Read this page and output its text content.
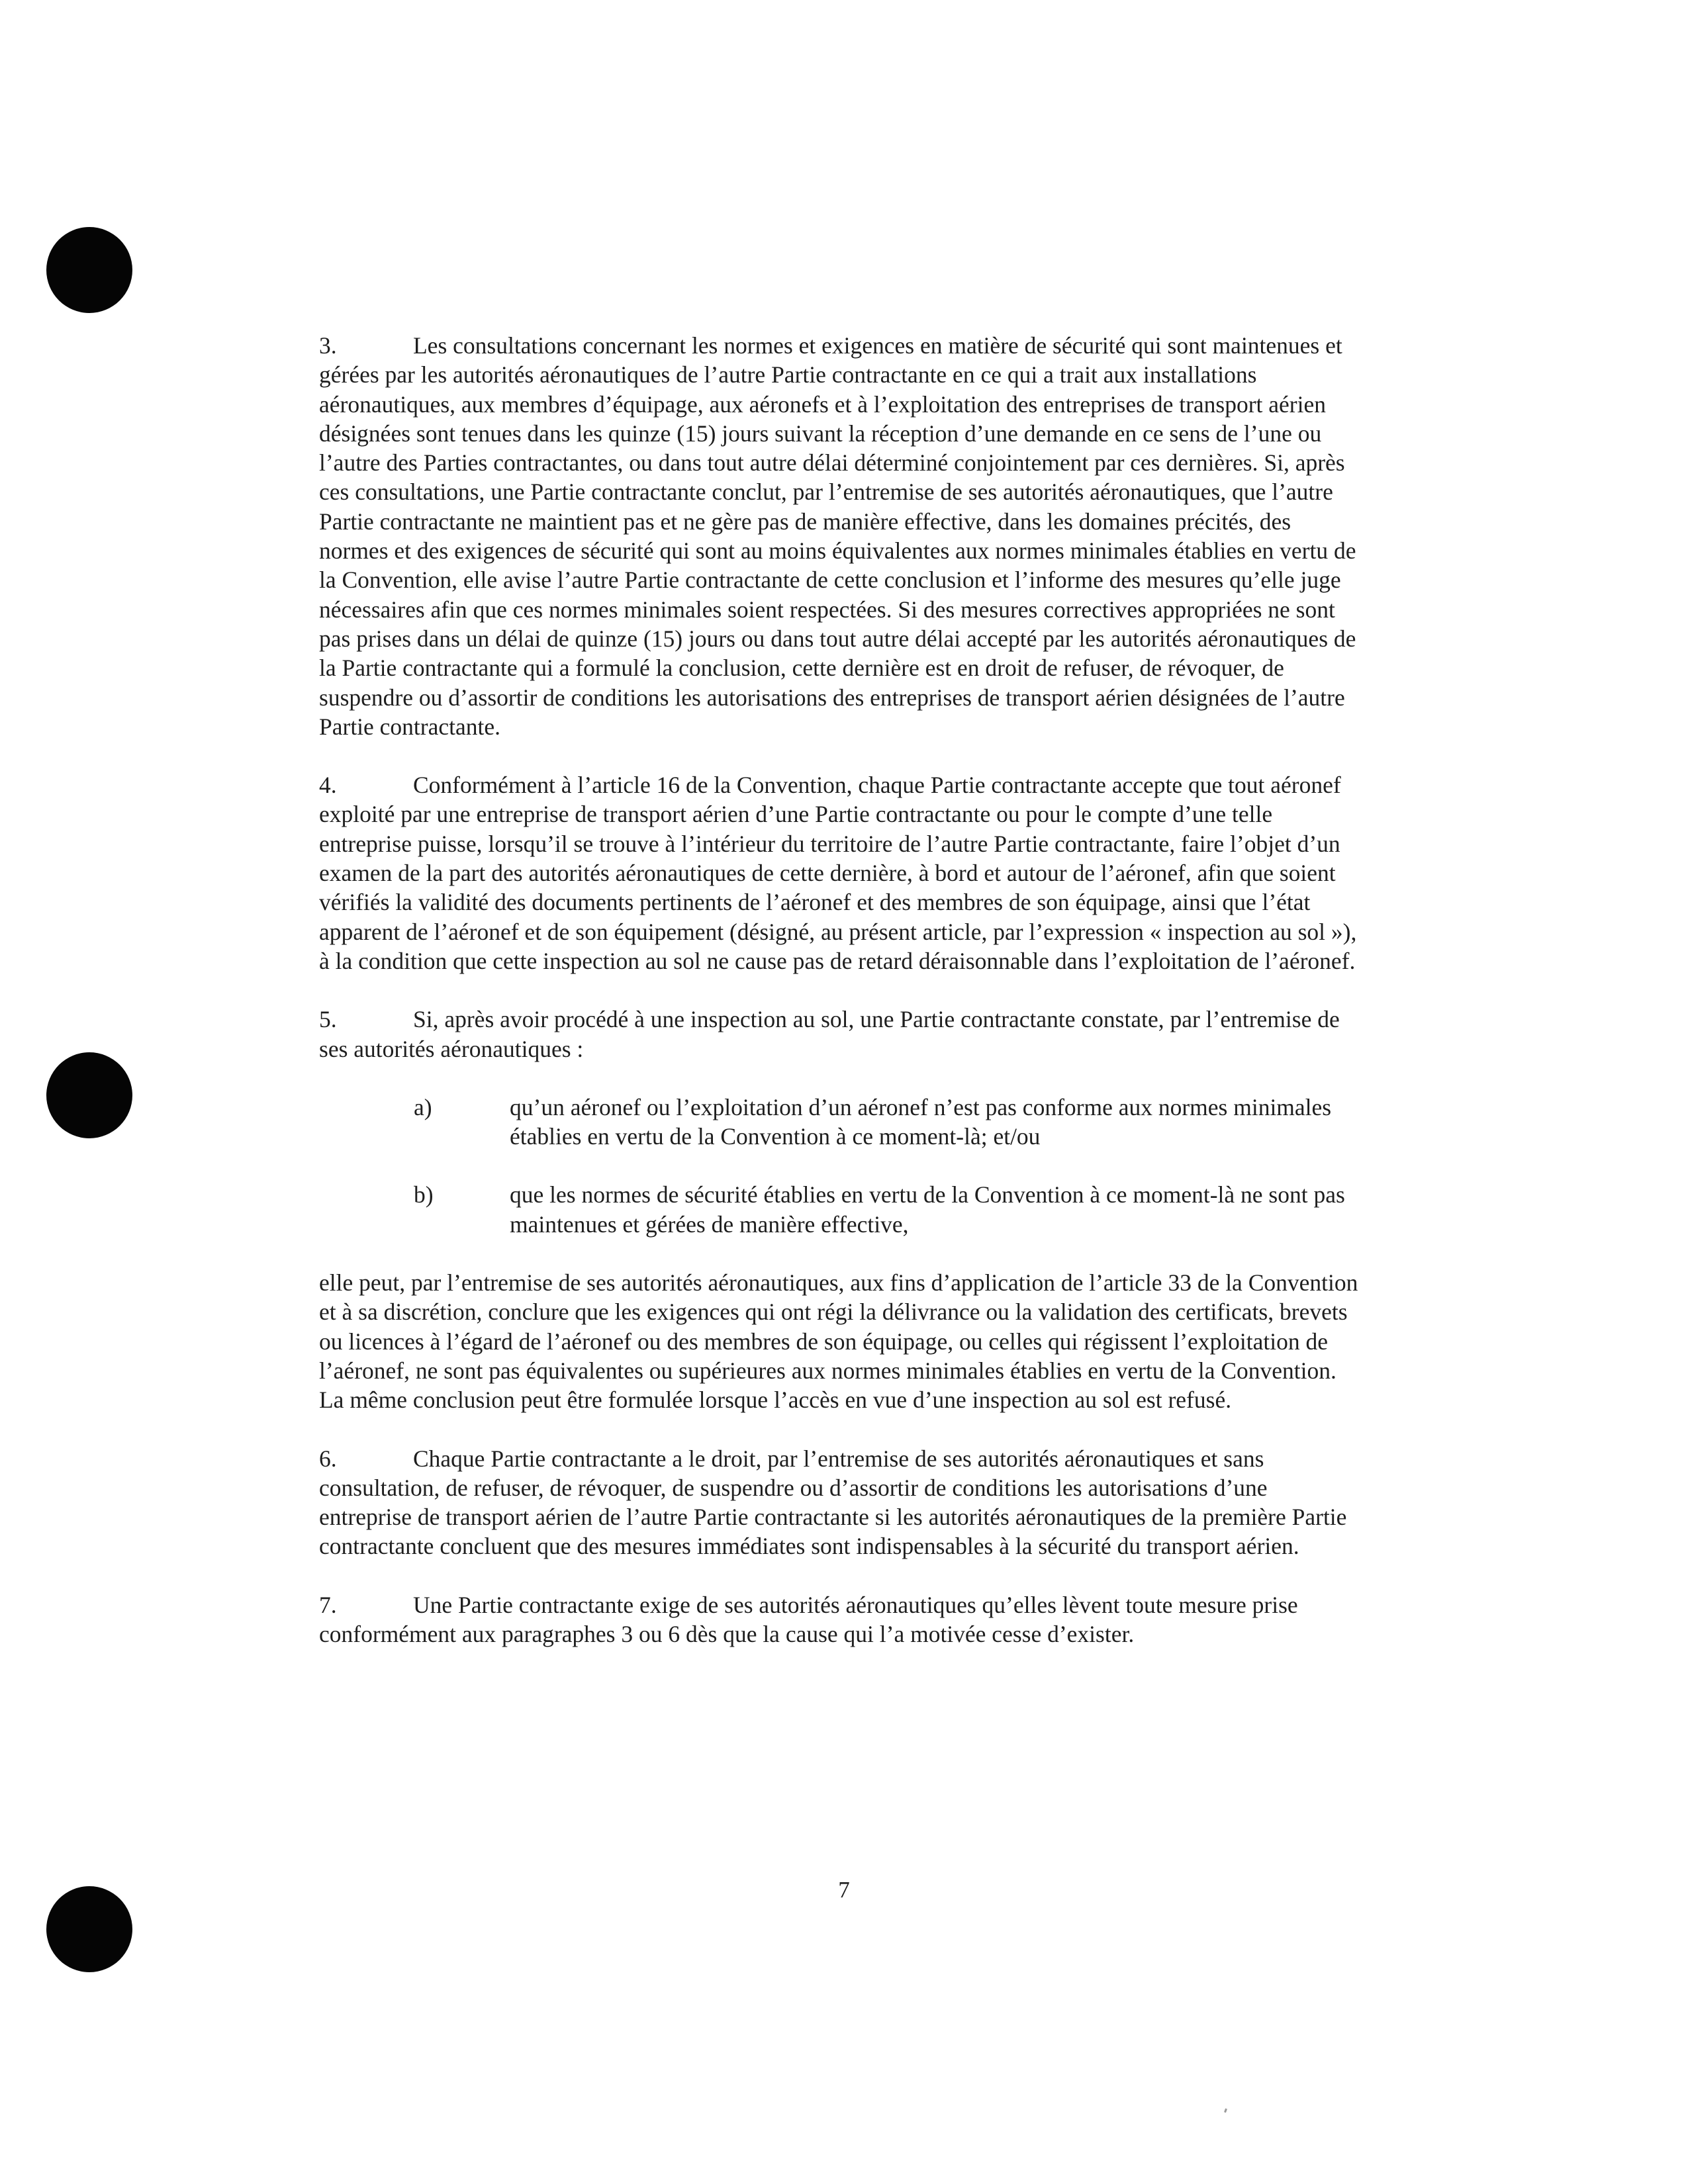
3.	Les consultations concernant les normes et exigences en matière de sécurité qui sont maintenues et gérées par les autorités aéronautiques de l’autre Partie contractante en ce qui a trait aux installations aéronautiques, aux membres d’équipage, aux aéronefs et à l’exploitation des entreprises de transport aérien désignées sont tenues dans les quinze (15) jours suivant la réception d’une demande en ce sens de l’une ou l’autre des Parties contractantes, ou dans tout autre délai déterminé conjointement par ces dernières. Si, après ces consultations, une Partie contractante conclut, par l’entremise de ses autorités aéronautiques, que l’autre Partie contractante ne maintient pas et ne gère pas de manière effective, dans les domaines précités, des normes et des exigences de sécurité qui sont au moins équivalentes aux normes minimales établies en vertu de la Convention, elle avise l’autre Partie contractante de cette conclusion et l’informe des mesures qu’elle juge nécessaires afin que ces normes minimales soient respectées. Si des mesures correctives appropriées ne sont pas prises dans un délai de quinze (15) jours ou dans tout autre délai accepté par les autorités aéronautiques de la Partie contractante qui a formulé la conclusion, cette dernière est en droit de refuser, de révoquer, de suspendre ou d’assortir de conditions les autorisations des entreprises de transport aérien désignées de l’autre Partie contractante.

4.	Conformément à l’article 16 de la Convention, chaque Partie contractante accepte que tout aéronef exploité par une entreprise de transport aérien d’une Partie contractante ou pour le compte d’une telle entreprise puisse, lorsqu’il se trouve à l’intérieur du territoire de l’autre Partie contractante, faire l’objet d’un examen de la part des autorités aéronautiques de cette dernière, à bord et autour de l’aéronef, afin que soient vérifiés la validité des documents pertinents de l’aéronef et des membres de son équipage, ainsi que l’état apparent de l’aéronef et de son équipement (désigné, au présent article, par l’expression « inspection au sol »), à la condition que cette inspection au sol ne cause pas de retard déraisonnable dans l’exploitation de l’aéronef.

5.	Si, après avoir procédé à une inspection au sol, une Partie contractante constate, par l’entremise de ses autorités aéronautiques :

a)	qu’un aéronef ou l’exploitation d’un aéronef n’est pas conforme aux normes minimales établies en vertu de la Convention à ce moment-là; et/ou
b)	que les normes de sécurité établies en vertu de la Convention à ce moment-là ne sont pas maintenues et gérées de manière effective,

elle peut, par l’entremise de ses autorités aéronautiques, aux fins d’application de l’article 33 de la Convention et à sa discrétion, conclure que les exigences qui ont régi la délivrance ou la validation des certificats, brevets ou licences à l’égard de l’aéronef ou des membres de son équipage, ou celles qui régissent l’exploitation de l’aéronef, ne sont pas équivalentes ou supérieures aux normes minimales établies en vertu de la Convention. La même conclusion peut être formulée lorsque l’accès en vue d’une inspection au sol est refusé.

6.	Chaque Partie contractante a le droit, par l’entremise de ses autorités aéronautiques et sans consultation, de refuser, de révoquer, de suspendre ou d’assortir de conditions les autorisations d’une entreprise de transport aérien de l’autre Partie contractante si les autorités aéronautiques de la première Partie contractante concluent que des mesures immédiates sont indispensables à la sécurité du transport aérien.

7.	Une Partie contractante exige de ses autorités aéronautiques qu’elles lèvent toute mesure prise conformément aux paragraphes 3 ou 6 dès que la cause qui l’a motivée cesse d’exister.

7
